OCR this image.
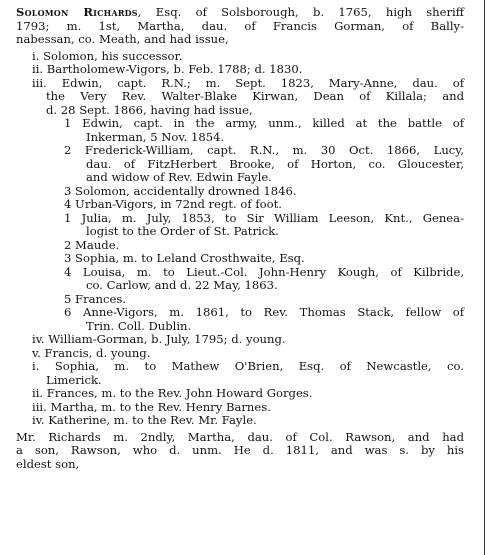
Solomon Richards, Esq. of Solsborough, b. 1765, high sheriff
1793; m. 1st, Martha, dau. of Francis Gorman, of Bally-
nabessan, co. Meath, and had issue,
i. Solomon, his successor.
ii. Bartholomew-Vigors, b. Feb. 1788; d. 1830.
iii. Edwin, capt. R.N.; m. Sept. 1823, Mary-Anne, dau. of
the Very Rev. Walter-Blake Kirwan, Dean of Killala; and
d. 28 Sept. 1866, having had issue,
1 Edwin, capt. in the army, unm., killed at the battle of
Inkerman, 5 Nov. 1854.
2 Frederick-William, capt. R.N., m. 30 Oct. 1866, Lucy,
dau. of FitzHerbert Brooke, of Horton, co. Gloucester,
and widow of Rev. Edwin Fayle.
3 Solomon, accidentally drowned 1846.
4 Urban-Vigors, in 72nd regt. of foot.
1 Julia, m. July, 1853, to Sir William Leeson, Knt., Genea-
logist to the Order of St. Patrick.
2 Maude.
3 Sophia, m. to Leland Crosthwaite, Esq.
4 Louisa, m. to Lieut.-Col. John-Henry Kough, of Kilbride,
co. Carlow, and d. 22 May, 1863.
5 Frances.
6 Anne-Vigors, m. 1861, to Rev. Thomas Stack, fellow of
Trin. Coll. Dublin.
iv. William-Gorman, b. July, 1795; d. young.
v. Francis, d. young.
i. Sophia, m. to Mathew O'Brien, Esq. of Newcastle, co.
Limerick.
ii. Frances, m. to the Rev. John Howard Gorges.
iii. Martha, m. to the Rev. Henry Barnes.
iv. Katherine, m. to the Rev. Mr. Fayle.
Mr. Richards m. 2ndly, Martha, dau. of Col. Rawson, and had
a son, Rawson, who d. unm. He d. 1811, and was s. by his
eldest son,
